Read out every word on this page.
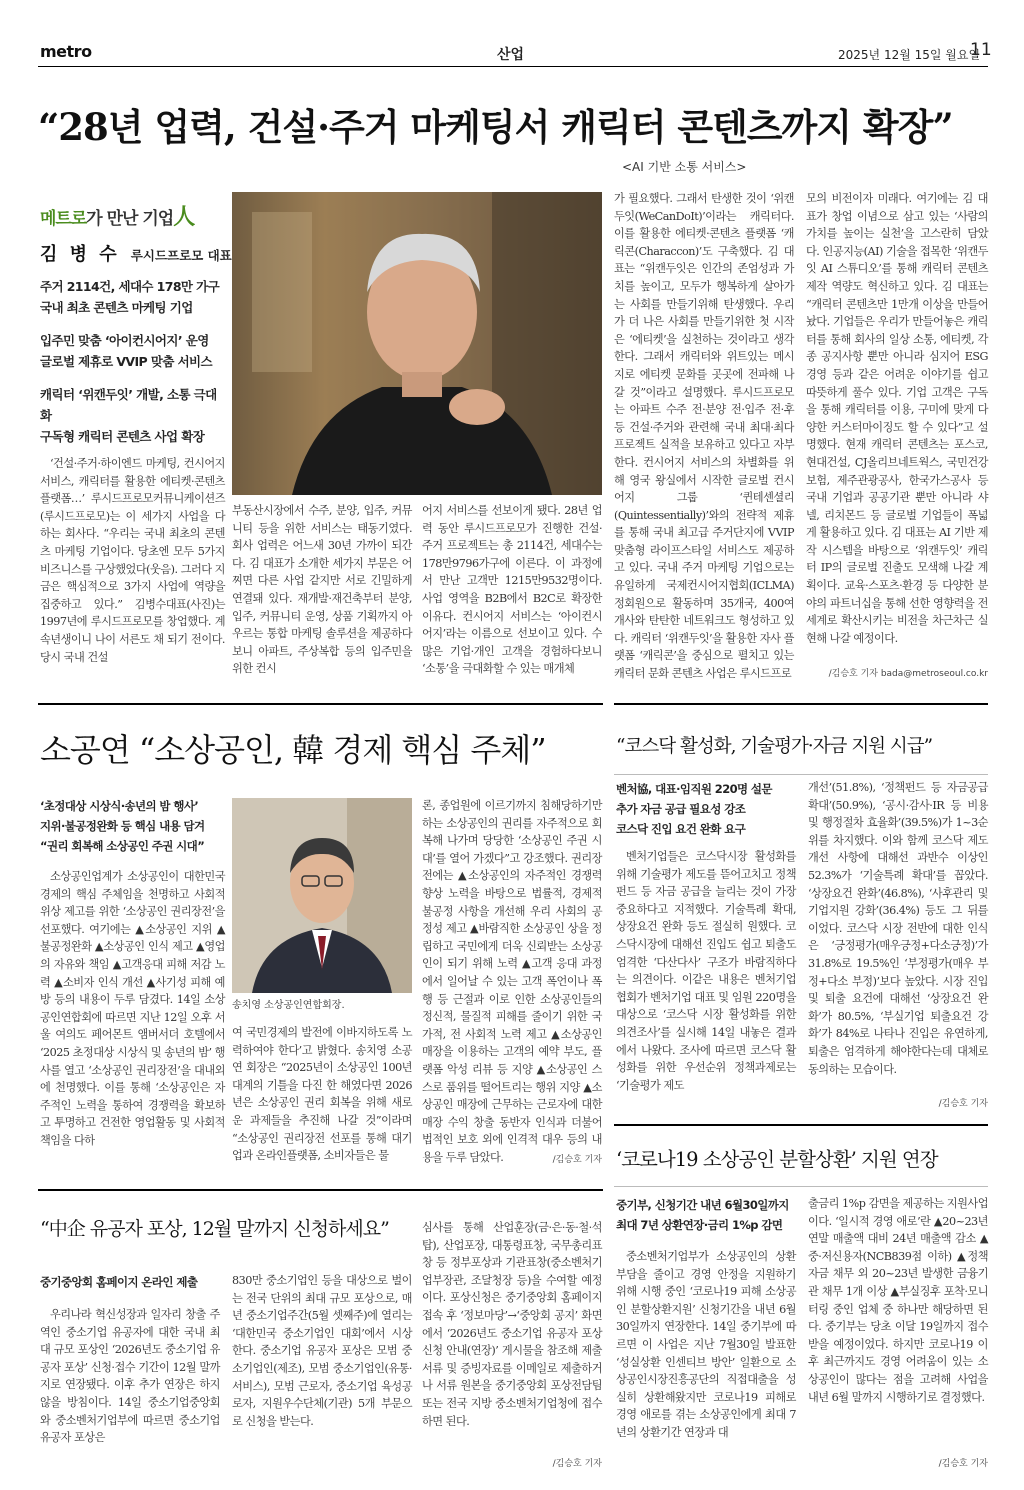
metro	산업	2025년 12월 15일 월요일
11
“28년 업력, 건설·주거 마케팅서 캐릭터 콘텐츠까지 확장”
<AI 기반 소통 서비스>
메트로가 만난 기업人
김 병 수 루시드프로모 대표
주거 2114건, 세대수 178만 가구
국내 최초 콘텐츠 마케팅 기업
입주민 맞춤 ‘아이컨시어지’ 운영
글로벌 제휴로 VVIP 맞춤 서비스
캐릭터 ‘위캔두잇’ 개발, 소통 극대화
구독형 캐릭터 콘텐츠 사업 확장

‘건설·주거·하이엔드 마케팅, 컨시어지 서비스, 캐릭터를 활용한 에티켓·콘텐츠 플랫폼…’ 루시드프로모커뮤니케이션즈(루시드프로모)는 이 세가지 사업을 다 하는 회사다. “우리는 국내 최초의 콘텐츠 마케팅 기업이다. 당초엔 모두 5가지 비즈니스를 구상했었다(웃음). 그러다 지금은 핵심적으로 3가지 사업에 역량을 집중하고 있다.” 김병수대표(사진)는 1997년에 루시드프로모를 창업했다. 계속년생이니 나이 서른도 채 되기 전이다. 당시 국내 건설

부동산시장에서 수주, 분양, 입주, 커뮤니티 등을 위한 서비스는 태동기였다. 회사 업력은 어느새 30년 가까이 되간다. 김 대표가 소개한 세가지 부문은 어찌면 다른 사업 같지만 서로 긴밀하게 연결돼 있다. 재개발·재건축부터 분양, 입주, 커뮤니티 운영, 상품 기획까지 아우르는 통합 마케팅 솔루션을 제공하다보니 아파트, 주상복합 등의 입주민을 위한 컨시

어지 서비스를 선보이게 됐다. 28년 업력 동안 루시드프로모가 진행한 건설·주거 프로젝트는 총 2114건, 세대수는 178만9796가구에 이른다. 이 과정에서 만난 고객만 1215만9532명이다. 사업 영역을 B2B에서 B2C로 확장한 이유다. 컨시어지 서비스는 ‘아이컨시어지’라는 이름으로 선보이고 있다. 수 많은 기업·개인 고객을 경험하다보니 ‘소통’을 극대화할 수 있는 매개체

가 필요했다. 그래서 탄생한 것이 ‘위캔두잇(WeCanDoIt)’이라는 캐릭터다. 이를 활용한 에티켓·콘텐츠 플랫폼 ‘캐릭콘(Characcon)’도 구축했다. 김 대표는 “위캔두잇은 인간의 존엄성과 가치를 높이고, 모두가 행복하게 살아가는 사회를 만들기위해 탄생했다. 우리가 더 나은 사회를 만들기위한 첫 시작은 ‘에티켓’을 실천하는 것이라고 생각한다. 그래서 캐릭터와 위트있는 메시지로 에티켓 문화를 곳곳에 전파해 나갈 것”이라고 설명했다. 루시드프로모는 아파트 수주 전·분양 전·입주 전·후 등 건설·주거와 관련해 국내 최대·최다 프로젝트 실적을 보유하고 있다고 자부한다. 컨시어지 서비스의 차별화를 위해 영국 왕실에서 시작한 글로벌 컨시어지 그룹 ‘퀸테센셜리(Quintessentially)’와의 전략적 제휴를 통해 국내 최고급 주거단지에 VVIP 맞춤형 라이프스타일 서비스도 제공하고 있다. 국내 주거 마케팅 기업으로는 유일하게 국제컨시어지협회(ICLMA) 정회원으로 활동하며 35개국, 400여 개사와 탄탄한 네트워크도 형성하고 있다. 캐릭터 ‘위캔두잇’을 활용한 자사 플랫폼 ‘캐릭콘’을 중심으로 펼치고 있는 캐릭터 문화 콘텐츠 사업은 루시드프로

모의 비전이자 미래다. 여기에는 김 대표가 창업 이념으로 삼고 있는 ‘사람의 가치를 높이는 실천’을 고스란히 담았다. 인공지능(AI) 기술을 접목한 ‘위캔두잇 AI 스튜디오’를 통해 캐릭터 콘텐츠 제작 역량도 혁신하고 있다. 김 대표는 “캐릭터 콘텐츠만 1만개 이상을 만들어놨다. 기업들은 우리가 만들어놓은 캐릭터를 통해 회사의 일상 소통, 에티켓, 각종 공지사항 뿐만 아니라 심지어 ESG경영 등과 같은 어려운 이야기를 쉽고 따뜻하게 풀수 있다. 기업 고객은 구독을 통해 캐릭터를 이용, 구미에 맞게 다양한 커스터마이징도 할 수 있다”고 설명했다. 현재 캐릭터 콘텐츠는 포스코, 현대건설, CJ올리브네트웍스, 국민건강보험, 제주관광공사, 한국가스공사 등 국내 기업과 공공기관 뿐만 아니라 샤넬, 리치몬드 등 글로벌 기업들이 폭넓게 활용하고 있다. 김 대표는 AI 기반 제작 시스템을 바탕으로 ‘위캔두잇’ 캐릭터 IP의 글로벌 진출도 모색해 나갈 계획이다. 교육·스포츠·환경 등 다양한 분야의 파트너십을 통해 선한 영향력을 전 세계로 확산시키는 비전을 차근차근 실현해 나갈 예정이다.

/김승호 기자 bada@metroseoul.co.kr
소공연 “소상공인, 韓 경제 핵심 주체”
‘초정대상 시상식·송년의 밤 행사’
지위·불공정완화 등 핵심 내용 담겨
“권리 회복해 소상공인 주권 시대”

소상공인업계가 소상공인이 대한민국 경제의 핵심 주체임을 천명하고 사회적 위상 제고를 위한 ‘소상공인 권리장전’을 선포했다. 여기에는 ▲소상공인 지위 ▲불공정완화 ▲소상공인 인식 제고 ▲영업의 자유와 책임 ▲고객응대 피해 저감 노력 ▲소비자 인식 개선 ▲사기성 피해 예방 등의 내용이 두루 담겼다. 14일 소상공인연합회에 따르면 지난 12일 오후 서울 여의도 페어몬트 앰버서더 호텔에서 ‘2025 초정대상 시상식 및 송년의 밤’ 행사를 열고 ‘소상공인 권리장전’을 대내외에 천명했다. 이를 통해 ‘소상공인은 자주적인 노력을 통하여 경쟁력을 확보하고 투명하고 건전한 영업활동 및 사회적 책임을 다하

송치영 소상공인연합회장.

여 국민경제의 발전에 이바지하도록 노력하여야 한다’고 밝혔다. 송치영 소공연 회장은 “2025년이 소상공인 100년 대계의 기틀을 다진 한 해였다면 2026년은 소상공인 권리 회복을 위해 새로운 과제들을 추진해 나갈 것”이라며 “소상공인 권리장전 선포를 통해 대기업과 온라인플랫폼, 소비자들은 물

론, 종업원에 이르기까지 침해당하기만 하는 소상공인의 권리를 자주적으로 회복해 나가며 당당한 ‘소상공인 주권 시대’를 열어 가겠다”고 강조했다. 권리장전에는 ▲소상공인의 자주적인 경쟁력 향상 노력을 바탕으로 법률적, 경제적 불공정 사항을 개선해 우리 사회의 공정성 제고 ▲바람직한 소상공인 상을 정립하고 국민에게 더욱 신뢰받는 소상공인이 되기 위해 노력 ▲고객 응대 과정에서 일어날 수 있는 고객 폭언이나 폭행 등 근절과 이로 인한 소상공인들의 정신적, 물질적 피해를 줄이기 위한 국가적, 전 사회적 노력 제고 ▲소상공인 매장을 이용하는 고객의 예약 부도, 플랫폼 악성 리뷰 등 지양 ▲소상공인 스스로 품위를 떨어트리는 행위 지양 ▲소상공인 매장에 근무하는 근로자에 대한 매장 수익 창출 동반자 인식과 더불어 법적인 보호 외에 인격적 대우 등의 내용을 두루 담았다.	/김승호 기자
“코스닥 활성화, 기술평가·자금 지원 시급”
벤처協, 대표·임직원 220명 설문
추가 자금 공급 필요성 강조
코스닥 진입 요건 완화 요구

벤처기업들은 코스닥시장 활성화를 위해 기술평가 제도를 뜯어고치고 정책펀드 등 자금 공급을 늘리는 것이 가장 중요하다고 지적했다. 기술특례 확대, 상장요건 완화 등도 절실히 원했다. 코스닥시장에 대해선 진입도 쉽고 퇴출도 엄격한 ‘다산다사’ 구조가 바람직하다는 의견이다. 이같은 내용은 벤처기업협회가 벤처기업 대표 및 임원 220명을 대상으로 ‘코스닥 시장 활성화를 위한 의견조사’를 실시해 14일 내놓은 결과에서 나왔다. 조사에 따르면 코스닥 활성화를 위한 우선순위 정책과제로는 ‘기술평가 제도

개선’(51.8%), ‘정책펀드 등 자금공급 확대’(50.9%), ‘공시·감사·IR 등 비용 및 행정절차 효율화’(39.5%)가 1~3순위를 차지했다. 이와 함께 코스닥 제도 개선 사항에 대해선 과반수 이상인 52.3%가 ‘기술특례 확대’를 꼽았다. ‘상장요건 완화’(46.8%), ‘사후관리 및 기업지원 강화’(36.4%) 등도 그 뒤를 이었다. 코스닥 시장 전반에 대한 인식은 ‘긍정평가(매우긍정+다소긍정)’가 31.8%로 19.5%인 ‘부정평가(매우 부정+다소 부정)’보다 높았다. 시장 진입 및 퇴출 요건에 대해선 ‘상장요건 완화’가 80.5%, ‘부실기업 퇴출요건 강화’가 84%로 나타나 진입은 유연하게, 퇴출은 엄격하게 해야한다는데 대체로 동의하는 모습이다.

/김승호 기자
“中企 유공자 포상, 12월 말까지 신청하세요”
중기중앙회 홈페이지 온라인 제출

우리나라 혁신성장과 일자리 창출 주역인 중소기업 유공자에 대한 국내 최대 규모 포상인 ‘2026년도 중소기업 유공자 포상’ 신청·접수 기간이 12월 말까지로 연장됐다. 이후 추가 연장은 하지 않을 방침이다. 14일 중소기업중앙회와 중소벤처기업부에 따르면 중소기업 유공자 포상은

830만 중소기업인 등을 대상으로 벌이는 전국 단위의 최대 규모 포상으로, 매년 중소기업주간(5월 셋째주)에 열리는 ‘대한민국 중소기업인 대회’에서 시상한다. 중소기업 유공자 포상은 모범 중소기업인(제조), 모범 중소기업인(유통·서비스), 모범 근로자, 중소기업 육성공로자, 지원우수단체(기관) 5개 부문으로 신청을 받는다.

심사를 통해 산업훈장(금·은·동·철·석탑), 산업포장, 대통령표창, 국무총리표창 등 정부포상과 기관표창(중소벤처기업부장관, 조달청장 등)을 수여할 예정이다. 포상신청은 중기중앙회 홈페이지 접속 후 ‘정보마당’→‘중앙회 공지’ 화면에서 ‘2026년도 중소기업 유공자 포상 신청 안내(연장)’ 게시물을 참조해 제출서류 및 증빙자료를 이메일로 제출하거나 서류 원본을 중기중앙회 포상전담팀 또는 전국 지방 중소벤처기업청에 접수하면 된다.

/김승호 기자
‘코로나19 소상공인 분할상환’ 지원 연장
중기부, 신청기간 내년 6월30일까지
최대 7년 상환연장·금리 1%p 감면

중소벤처기업부가 소상공인의 상환 부담을 줄이고 경영 안정을 지원하기 위해 시행 중인 ‘코로나19 피해 소상공인 분할상환지원’ 신청기간을 내년 6월30일까지 연장한다. 14일 중기부에 따르면 이 사업은 지난 7월30일 발표한 ‘성실상환 인센티브 방안’ 일환으로 소상공인시장진흥공단의 직접대출을 성실히 상환해왔지만 코로나19 피해로 경영 애로를 겪는 소상공인에게 최대 7년의 상환기간 연장과 대

출금리 1%p 감면을 제공하는 지원사업이다. ‘일시적 경영 애로’란 ▲20~23년 연말 매출액 대비 24년 매출액 감소 ▲중·저신용자(NCB839점 이하) ▲정책자금 채무 외 20~23년 발생한 금융기관 채무 1개 이상 ▲부실징후 포착·모니터링 중인 업체 중 하나만 해당하면 된다. 중기부는 당초 이달 19일까지 접수받을 예정이었다. 하지만 코로나19 이후 최근까지도 경영 어려움이 있는 소상공인이 많다는 점을 고려해 사업을 내년 6월 말까지 시행하기로 결정했다.

/김승호 기자
